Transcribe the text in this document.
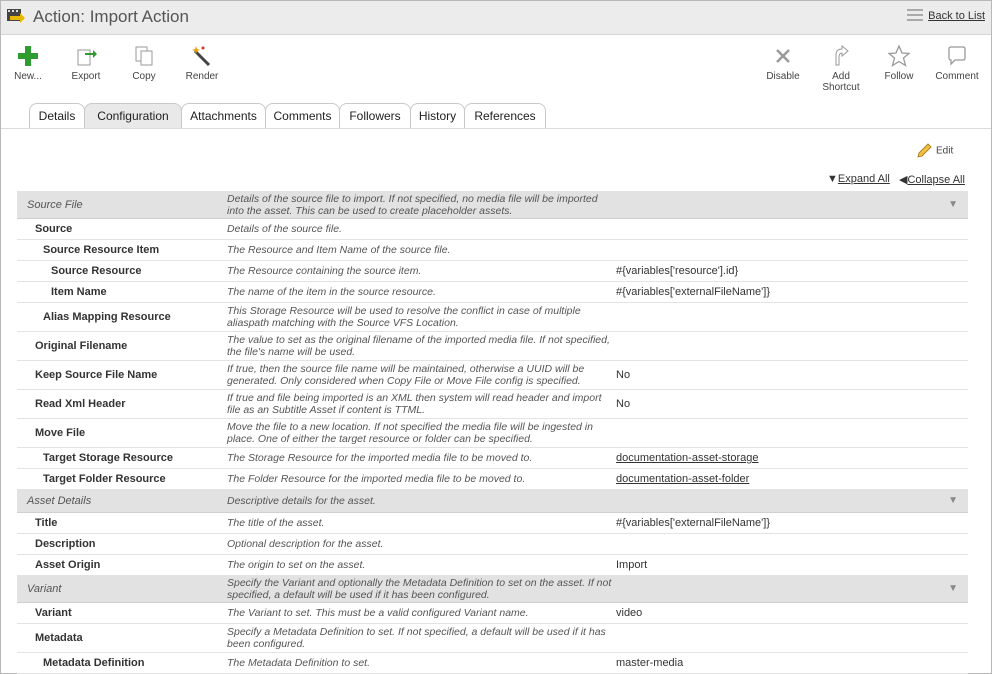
Action: Import Action	Back to List
New...	Export	Copy	Render	Disable	Add
Shortcut
Follow	Comment
Details	Configuration	Attachments	Comments	Followers	History	References
Edit
▼Expand All ◀Collapse All
Source File	Details of the source file to import. If not specified, no media file will be imported into the asset. This can be used to create placeholder assets.
▼
Source	Details of the source file.
Source Resource Item	The Resource and Item Name of the source file.
Source Resource	The Resource containing the source item.	#{variables['resource'].id}
Item Name	The name of the item in the source resource.	#{variables['externalFileName']}
Alias Mapping Resource	This Storage Resource will be used to resolve the conflict in case of multiple aliaspath matching with the Source VFS Location.
Original Filename	The value to set as the original filename of the imported media file. If not specified, the file's name will be used.
Keep Source File Name	If true, then the source file name will be maintained, otherwise a UUID will be generated. Only considered when Copy File or Move File config is specified.	No
Read Xml Header	If true and file being imported is an XML then system will read header and import file as an Subtitle Asset if content is TTML.	No
Move File	Move the file to a new location. If not specified the media file will be ingested in place. One of either the target resource or folder can be specified.
Target Storage Resource	The Storage Resource for the imported media file to be moved to.	documentation-asset-storage
Target Folder Resource	The Folder Resource for the imported media file to be moved to.	documentation-asset-folder
Asset Details	Descriptive details for the asset.	▼
Title	The title of the asset.	#{variables['externalFileName']}
Description	Optional description for the asset.
Asset Origin	The origin to set on the asset.	Import
Variant	Specify the Variant and optionally the Metadata Definition to set on the asset. If not specified, a default will be used if it has been configured.
▼
Variant	The Variant to set. This must be a valid configured Variant name.	video
Metadata	Specify a Metadata Definition to set. If not specified, a default will be used if it has been configured.
Metadata Definition	The Metadata Definition to set.	master-media
